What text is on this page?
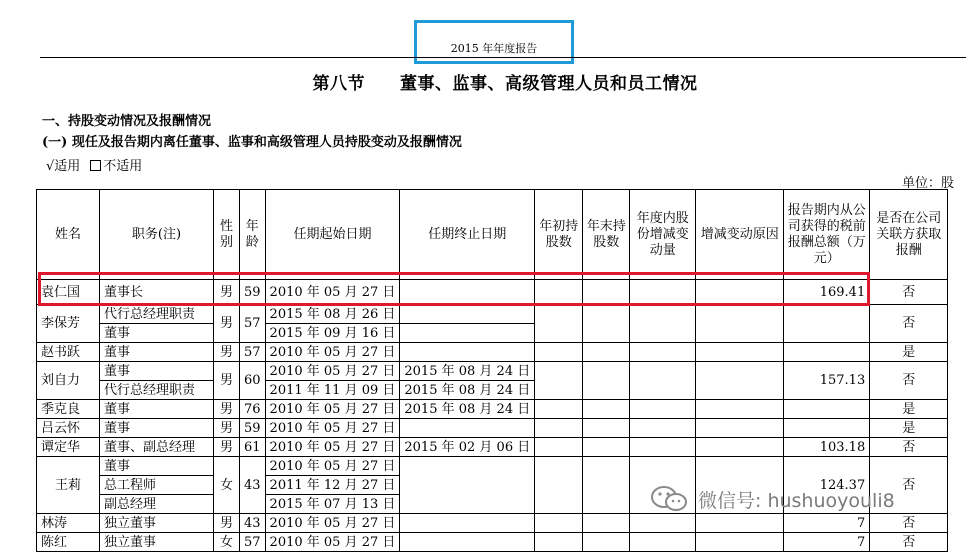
2015 年年度报告
第八节　　董事、监事、高级管理人员和员工情况
一、持股变动情况及报酬情况
(一) 现任及报告期内离任董事、监事和高级管理人员持股变动及报酬情况
√适用 不适用
单位：股
姓名	职务(注)	性别	年龄	任期起始日期	任期终止日期	年初持股数	年末持股数	年度内股份增减变动量	增减变动原因	报告期内从公司获得的税前报酬总额（万元）	是否在公司关联方获取报酬
袁仁国	董事长	男	59	2010 年 05 月 27 日						169.41	否
李保芳	代行总经理职责	男	57	2015 年 08 月 26 日							否
	董事			2015 年 09 月 16 日							
赵书跃	董事	男	57	2010 年 05 月 27 日							是
刘自力	董事	男	60	2010 年 05 月 27 日	2015 年 08 月 24 日					157.13	否
	代行总经理职责			2011 年 11 月 09 日	2015 年 08 月 24 日						
季克良	董事	男	76	2010 年 05 月 27 日	2015 年 08 月 24 日						是
吕云怀	董事	男	59	2010 年 05 月 27 日							是
谭定华	董事、副总经理	男	61	2010 年 05 月 27 日	2015 年 02 月 06 日					103.18	否
王莉	董事	女	43	2010 年 05 月 27 日						124.37	否
	总工程师			2011 年 12 月 27 日							
	副总经理			2015 年 07 月 13 日							
林涛	独立董事	男	43	2010 年 05 月 27 日						7	否
陈红	独立董事	女	57	2010 年 05 月 27 日						7	否
微信号: hushuoyouli8
